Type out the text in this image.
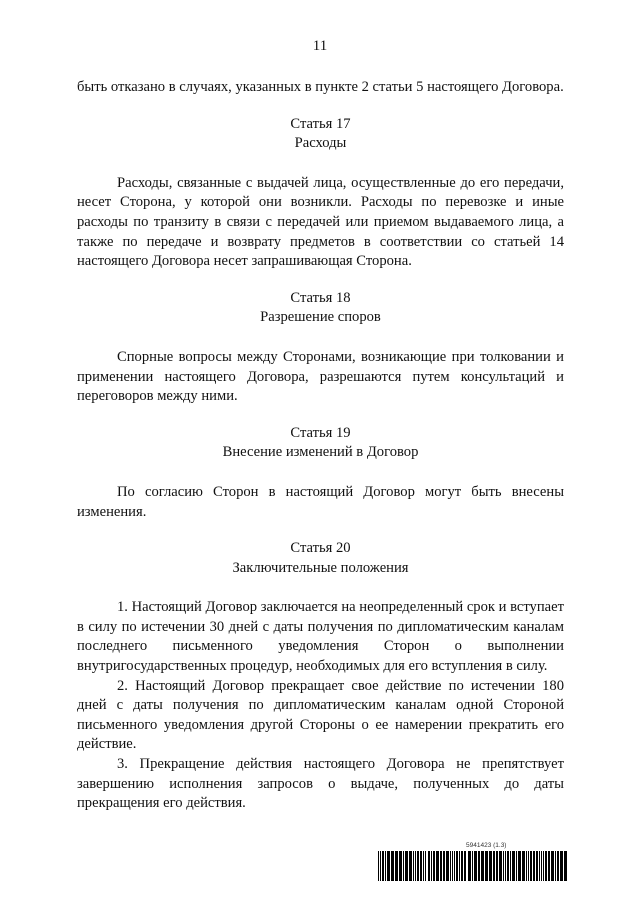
11

быть отказано в случаях, указанных в пункте 2 статьи 5 настоящего Договора.

Статья 17
Расходы

Расходы, связанные с выдачей лица, осуществленные до его передачи, несет Сторона, у которой они возникли. Расходы по перевозке и иные расходы по транзиту в связи с передачей или приемом выдаваемого лица, а также по передаче и возврату предметов в соответствии со статьей 14 настоящего Договора несет запрашивающая Сторона.

Статья 18
Разрешение споров

Спорные вопросы между Сторонами, возникающие при толковании и применении настоящего Договора, разрешаются путем консультаций и переговоров между ними.

Статья 19
Внесение изменений в Договор

По согласию Сторон в настоящий Договор могут быть внесены изменения.

Статья 20
Заключительные положения

1. Настоящий Договор заключается на неопределенный срок и вступает в силу по истечении 30 дней с даты получения по дипломатическим каналам последнего письменного уведомления Сторон о выполнении внутригосударственных процедур, необходимых для его вступления в силу.

2. Настоящий Договор прекращает свое действие по истечении 180 дней с даты получения по дипломатическим каналам одной Стороной письменного уведомления другой Стороны о ее намерении прекратить его действие.

3. Прекращение действия настоящего Договора не препятствует завершению исполнения запросов о выдаче, полученных до даты прекращения его действия.

5941423 (1.3)
